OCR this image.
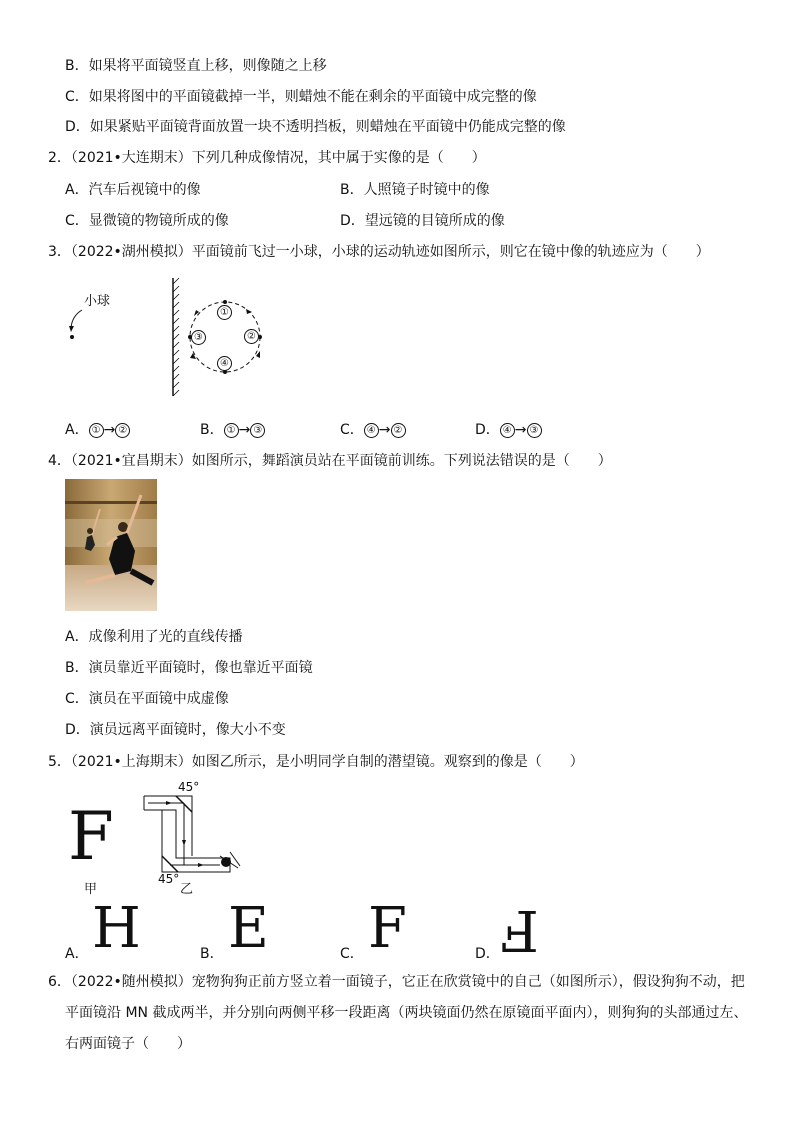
B．如果将平面镜竖直上移，则像随之上移
C．如果将图中的平面镜截掉一半，则蜡烛不能在剩余的平面镜中成完整的像
D．如果紧贴平面镜背面放置一块不透明挡板，则蜡烛在平面镜中仍能成完整的像
2．（2021•大连期末）下列几种成像情况，其中属于实像的是（　　）
A．汽车后视镜中的像	B．人照镜子时镜中的像
C．显微镜的物镜所成的像	D．望远镜的目镜所成的像
3．（2022•湖州模拟）平面镜前飞过一小球，小球的运动轨迹如图所示，则它在镜中像的轨迹应为（　　）
小球
①
②
③
④
A． ① → ②	B． ① → ③	C． ④ → ②	D． ④ → ③
4．（2021•宜昌期末）如图所示，舞蹈演员站在平面镜前训练。下列说法错误的是（　　）
A．成像利用了光的直线传播
B．演员靠近平面镜时，像也靠近平面镜
C．演员在平面镜中成虚像
D．演员远离平面镜时，像大小不变
5．（2021•上海期末）如图乙所示，是小明同学自制的潜望镜。观察到的像是（　　）
F
甲
45°
45°
乙
A． H	B． E	C． F	D． F
6．（2022•随州模拟）宠物狗狗正前方竖立着一面镜子，它正在欣赏镜中的自己（如图所示），假设狗狗不动，把
平面镜沿 MN 截成两半，并分别向两侧平移一段距离（两块镜面仍然在原镜面平面内），则狗狗的头部通过左、
右两面镜子（　　）
